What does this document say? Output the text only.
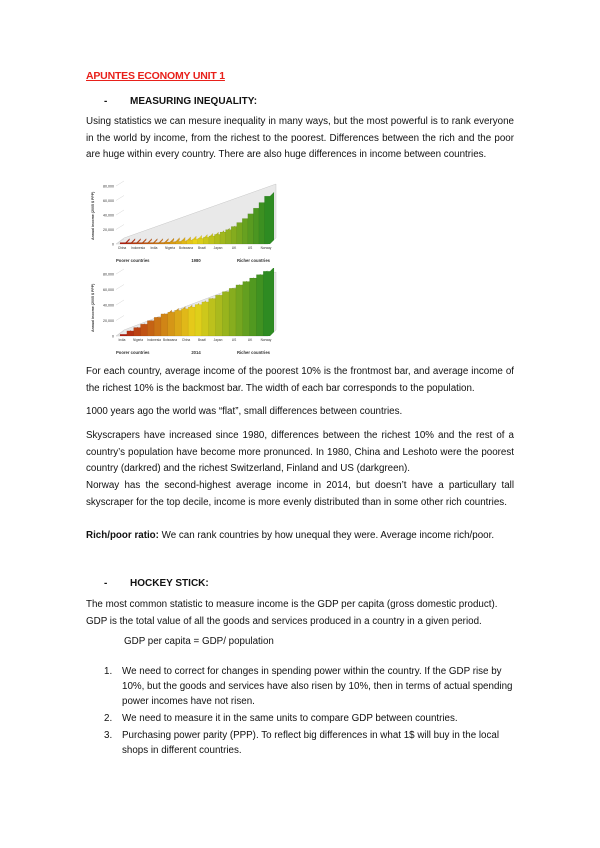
APUNTES ECONOMY UNIT 1
- MEASURING INEQUALITY:
Using statistics we can mesure inequality in many ways, but the most powerful is to rank everyone in the world by income, from the richest to the poorest. Differences between the rich and the poor are huge within every country. There are also huge differences in income between countries.
80,000
60,000
40,000
20,000
0
Annual income (2005 $ PPP)
China Indonesia India Nigeria Botswana Brazil Japan	UK	US	Norway
Poorer countries	1980	Richer countries
80,000
60,000
40,000
20,000
0
Annual income (2005 $ PPP)
India Nigeria Indonesia Botswana China Brazil Japan	US	UK	Norway
Poorer countries	2014	Richer countries
For each country, average income of the poorest 10% is the frontmost bar, and average income of the richest 10% is the backmost bar. The width of each bar corresponds to the population.
1000 years ago the world was “flat”, small differences between countries.
Skyscrapers have increased since 1980, differences between the richest 10% and the rest of a country’s population have become more pronunced. In 1980, China and Leshoto were the poorest country (darkred) and the richest Switzerland, Finland and US (darkgreen).
Norway has the second-highest average income in 2014, but doesn’t have a particullary tall skyscraper for the top decile, income is more evenly distributed than in some other rich countries.
Rich/poor ratio: We can rank countries by how unequal they were. Average income rich/poor.
- HOCKEY STICK:
The most common statistic to measure income is the GDP per capita (gross domestic product). GDP is the total value of all the goods and services produced in a country in a given period.
GDP per capita = GDP/ population
1.	We need to correct for changes in spending power within the country. If the GDP rise by 10%, but the goods and services have also risen by 10%, then in terms of actual spending power incomes have not risen.
2.	We need to measure it in the same units to compare GDP between countries.
3.	Purchasing power parity (PPP). To reflect big differences in what 1$ will buy in the local shops in different countries.
